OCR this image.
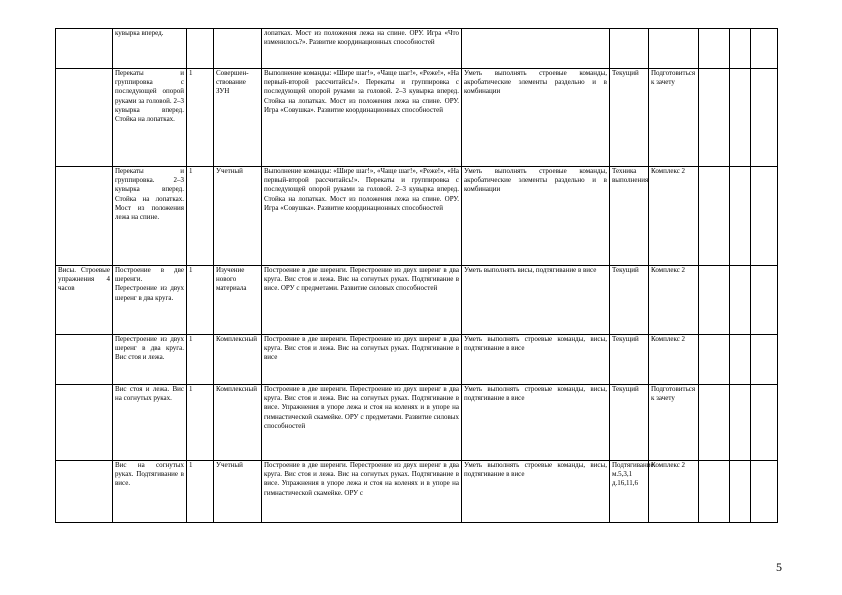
	кувырка вперед.			лопатках. Мост из положения лежа на спине. ОРУ. Игра «Что изменилось?». Развитие координационных способностей						
	Перекаты и группировка с последующей опорой руками за головой. 2–3 кувырка вперед. Стойка на лопатках.	1	Совершен-ствование ЗУН	Выполнение команды: «Шире шаг!», «Чаще шаг!», «Реже!», «На первый-второй рассчитайсь!». Перекаты и группировка с последующей опорой руками за головой. 2–3 кувырка вперед. Стойка на лопатках. Мост из положения лежа на спине. ОРУ. Игра «Совушка». Развитие координационных способностей	Уметь выполнять строевые команды, акробатические элементы раздельно и в комбинации	Текущий	Подготовиться к зачету			
	Перекаты и группировка. 2–3 кувырка вперед. Стойка на лопатках. Мост из положения лежа на спине.	1	Учетный	Выполнение команды: «Шире шаг!», «Чаще шаг!», «Реже!», «На первый-второй рассчитайсь!». Перекаты и группировка с последующей опорой руками за головой. 2–3 кувырка вперед. Стойка на лопатках. Мост из положения лежа на спине. ОРУ. Игра «Совушка». Развитие координационных способностей	Уметь выполнять строевые команды, акробатические элементы раздельно и в комбинации	Техника выполнения	Комплекс 2			
Висы. Строевые упражнения 4 часов	Построение в две шеренги. Перестроение из двух шеренг в два круга.	1	Изучение нового материала	Построение в две шеренги. Перестроение из двух шеренг в два круга. Вис стоя и лежа. Вис на согнутых руках. Подтягивание в висе. ОРУ с предметами. Развитие силовых способностей	Уметь выполнять висы, подтягивание в висе	Текущий	Комплекс 2			
	Перестроение из двух шеренг в два круга. Вис стоя и лежа.	1	Комплексный	Построение в две шеренги. Перестроение из двух шеренг в два круга. Вис стоя и лежа. Вис на согнутых руках. Подтягивание в висе	Уметь выполнять строевые команды, висы, подтягивание в висе	Текущий	Комплекс 2			
	Вис стоя и лежа. Вис на согнутых руках.	1	Комплексный	Построение в две шеренги. Перестроение из двух шеренг в два круга. Вис стоя и лежа. Вис на согнутых руках. Подтягивание в висе. Упражнения в упоре лежа и стоя на коленях и в упоре на гимнастической скамейке. ОРУ с предметами. Развитие силовых способностей	Уметь выполнять строевые команды, висы, подтягивание в висе	Текущий	Подготовиться к зачету			
	Вис на согнутых руках. Подтягивание в висе.	1	Учетный	Построение в две шеренги. Перестроение из двух шеренг в два круга. Вис стоя и лежа. Вис на согнутых руках. Подтягивание в висе. Упражнения в упоре лежа и стоя на коленях и в упоре на гимнастической скамейке. ОРУ с	Уметь выполнять строевые команды, висы, подтягивание в висе	Подтягивание: м.5,3,1 д.16,11,6	Комплекс 2			
5
